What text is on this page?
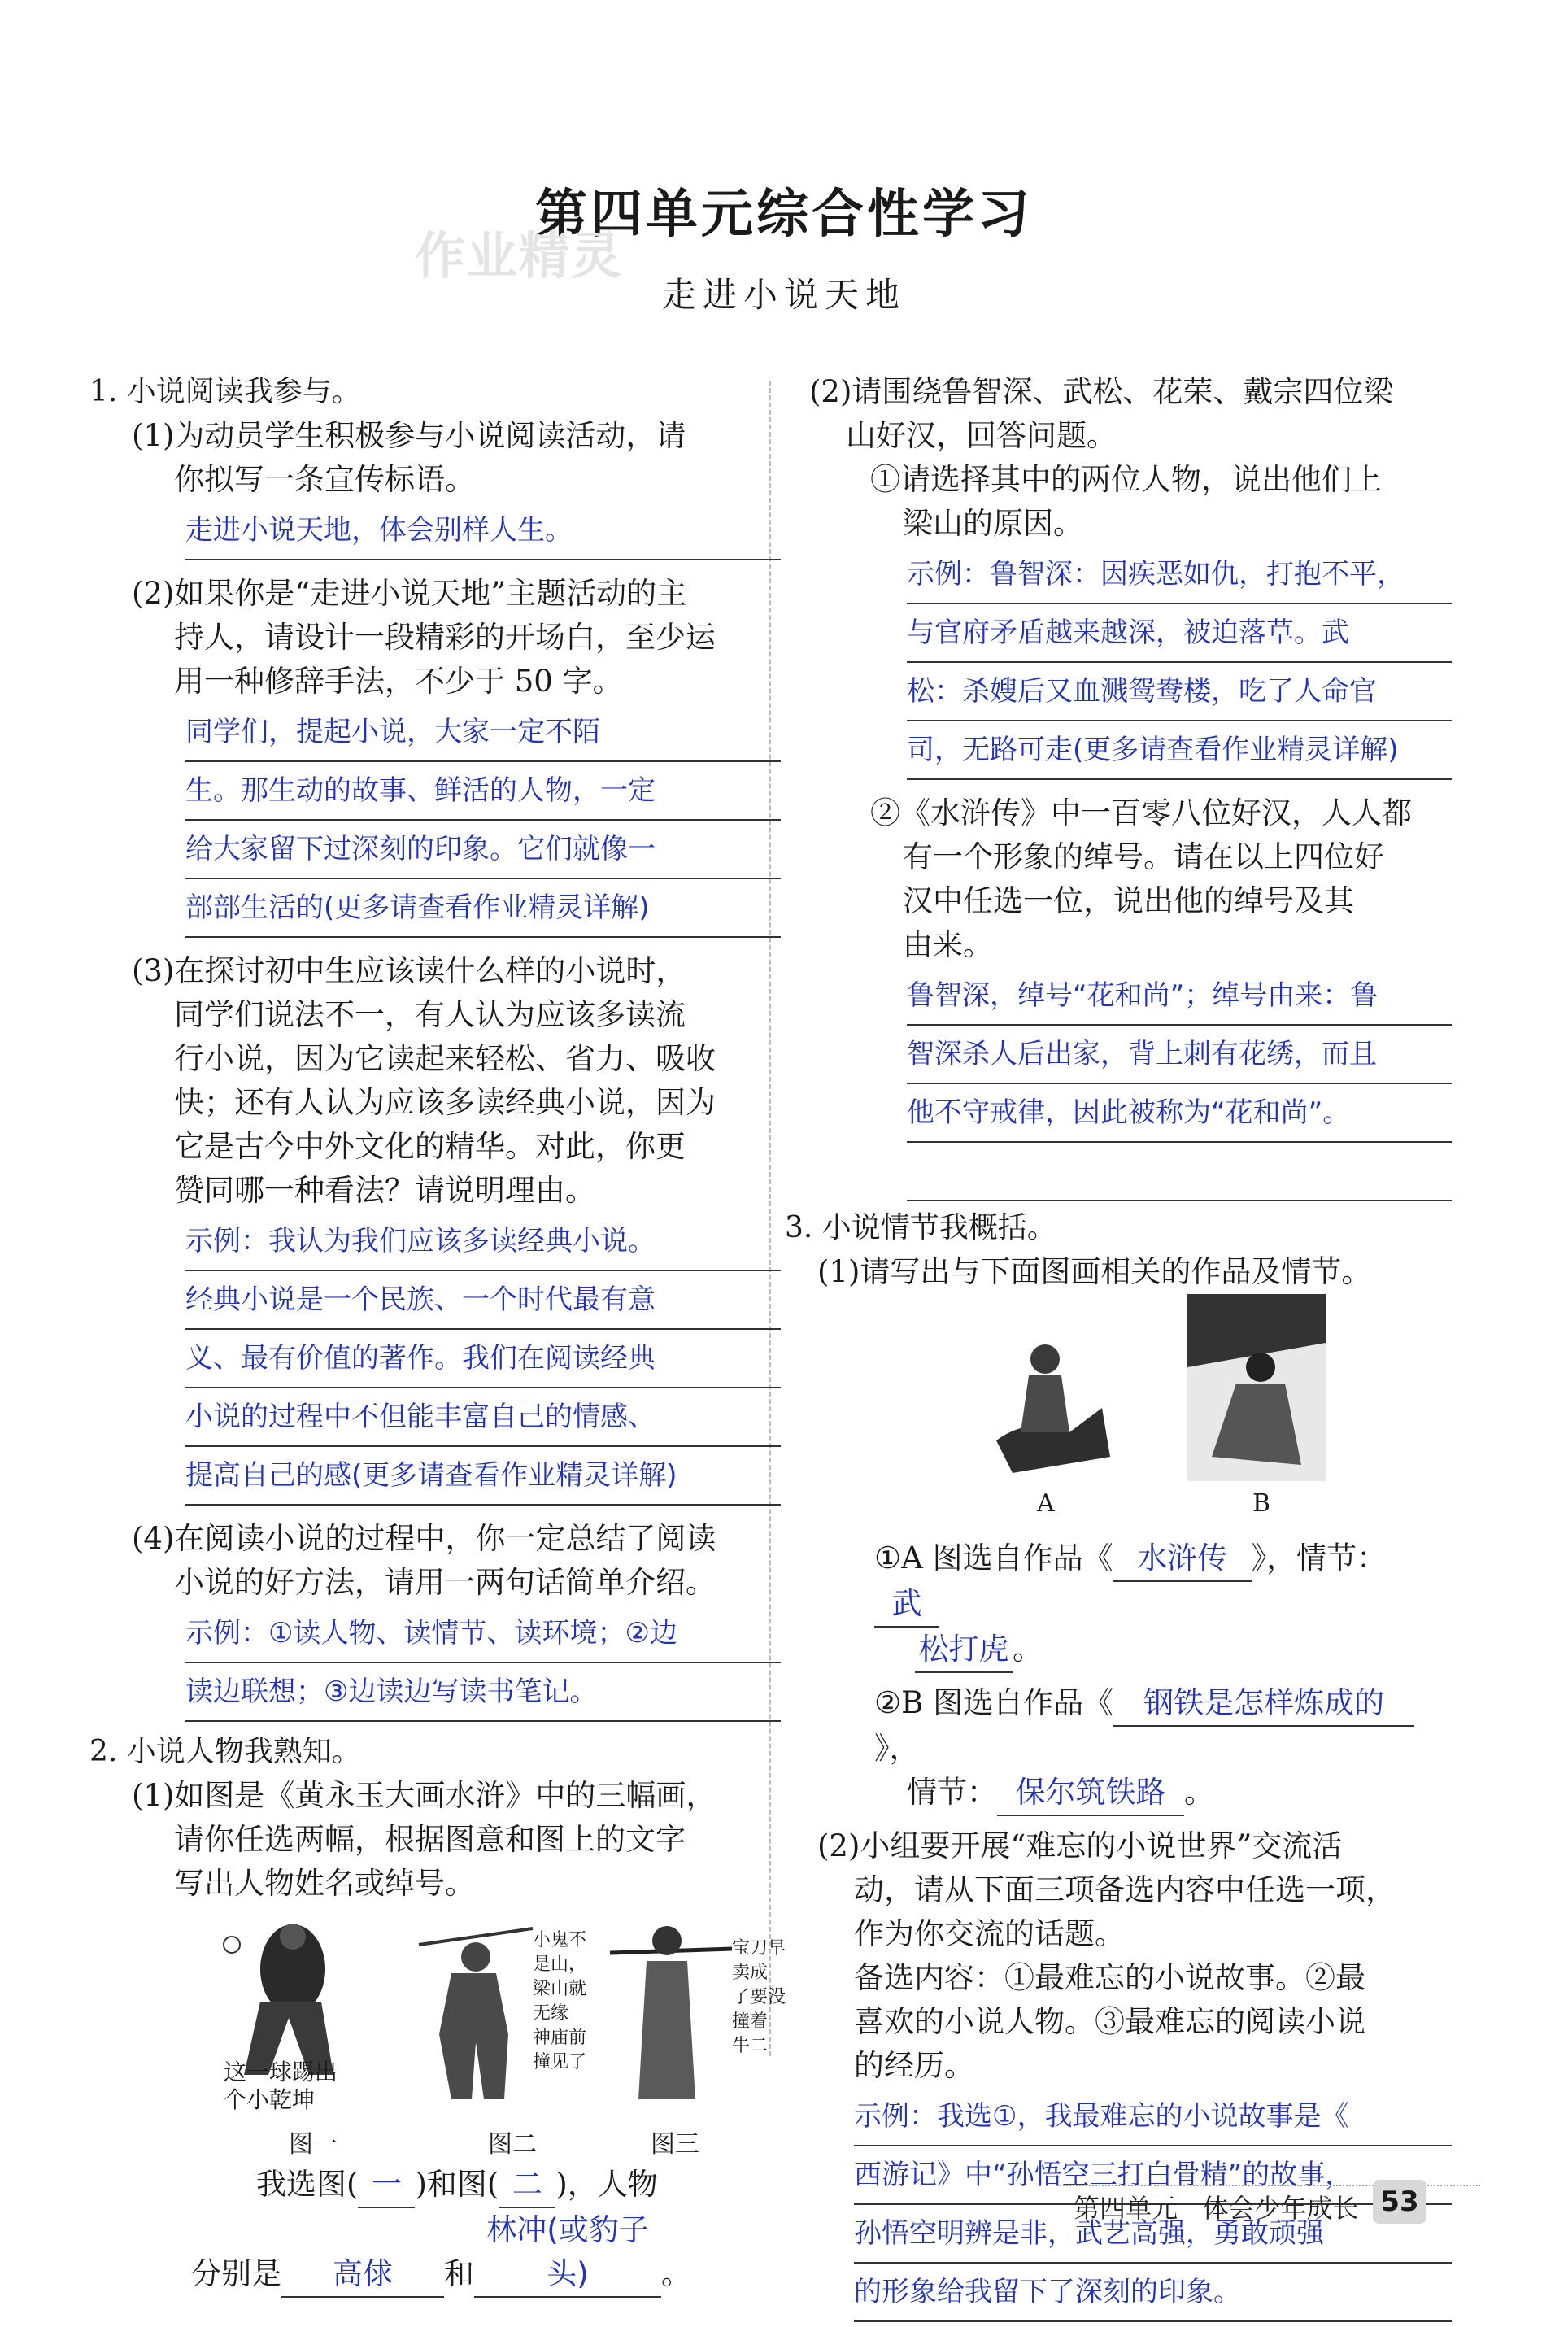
第四单元综合性学习
作业精灵
走进小说天地
1. 小说阅读我参与。
(1)为动员学生积极参与小说阅读活动，请
你拟写一条宣传标语。
走进小说天地，体会别样人生。
(2)如果你是“走进小说天地”主题活动的主
持人，请设计一段精彩的开场白，至少运
用一种修辞手法，不少于 50 字。
同学们，提起小说，大家一定不陌
生。那生动的故事、鲜活的人物，一定
给大家留下过深刻的印象。它们就像一
部部生活的(更多请查看作业精灵详解)
(3)在探讨初中生应该读什么样的小说时，
同学们说法不一，有人认为应该多读流
行小说，因为它读起来轻松、省力、吸收
快；还有人认为应该多读经典小说，因为
它是古今中外文化的精华。对此，你更
赞同哪一种看法？请说明理由。
示例：我认为我们应该多读经典小说。
经典小说是一个民族、一个时代最有意
义、最有价值的著作。我们在阅读经典
小说的过程中不但能丰富自己的情感、
提高自己的感(更多请查看作业精灵详解)
(4)在阅读小说的过程中，你一定总结了阅读
小说的好方法，请用一两句话简单介绍。
示例：①读人物、读情节、读环境；②边
读边联想；③边读边写读书笔记。
2. 小说人物我熟知。
(1)如图是《黄永玉大画水浒》中的三幅画，
请你任选两幅，根据图意和图上的文字
写出人物姓名或绰号。
这一球踢出
个小乾坤
小鬼不是山，
梁山就无缘
神庙前撞见了
宝刀早卖成
了要没撞着
牛二
图一	图二	图三
我选图( 一 )和图( 二 )，人物
分别是 高俅 和林冲(或豹子头) 。
(2)请围绕鲁智深、武松、花荣、戴宗四位梁
山好汉，回答问题。
①请选择其中的两位人物，说出他们上
梁山的原因。
示例：鲁智深：因疾恶如仇，打抱不平，
与官府矛盾越来越深，被迫落草。武
松：杀嫂后又血溅鸳鸯楼，吃了人命官
司，无路可走(更多请查看作业精灵详解)
②《水浒传》中一百零八位好汉，人人都
有一个形象的绰号。请在以上四位好
汉中任选一位，说出他的绰号及其
由来。
鲁智深，绰号“花和尚”；绰号由来：鲁
智深杀人后出家，背上刺有花绣，而且
他不守戒律，因此被称为“花和尚”。
3. 小说情节我概括。
(1)请写出与下面图画相关的作品及情节。
A	B
①A 图选自作品《 水浒传 》，情节：武
松打虎 。
②B 图选自作品《 钢铁是怎样炼成的》，
情节： 保尔筑铁路 。
(2)小组要开展“难忘的小说世界”交流活
动，请从下面三项备选内容中任选一项，
作为你交流的话题。
备选内容：①最难忘的小说故事。②最
喜欢的小说人物。③最难忘的阅读小说
的经历。
示例：我选①，我最难忘的小说故事是《
西游记》中“孙悟空三打白骨精”的故事，
孙悟空明辨是非，武艺高强，勇敢顽强
的形象给我留下了深刻的印象。
第四单元 体会少年成长 53
